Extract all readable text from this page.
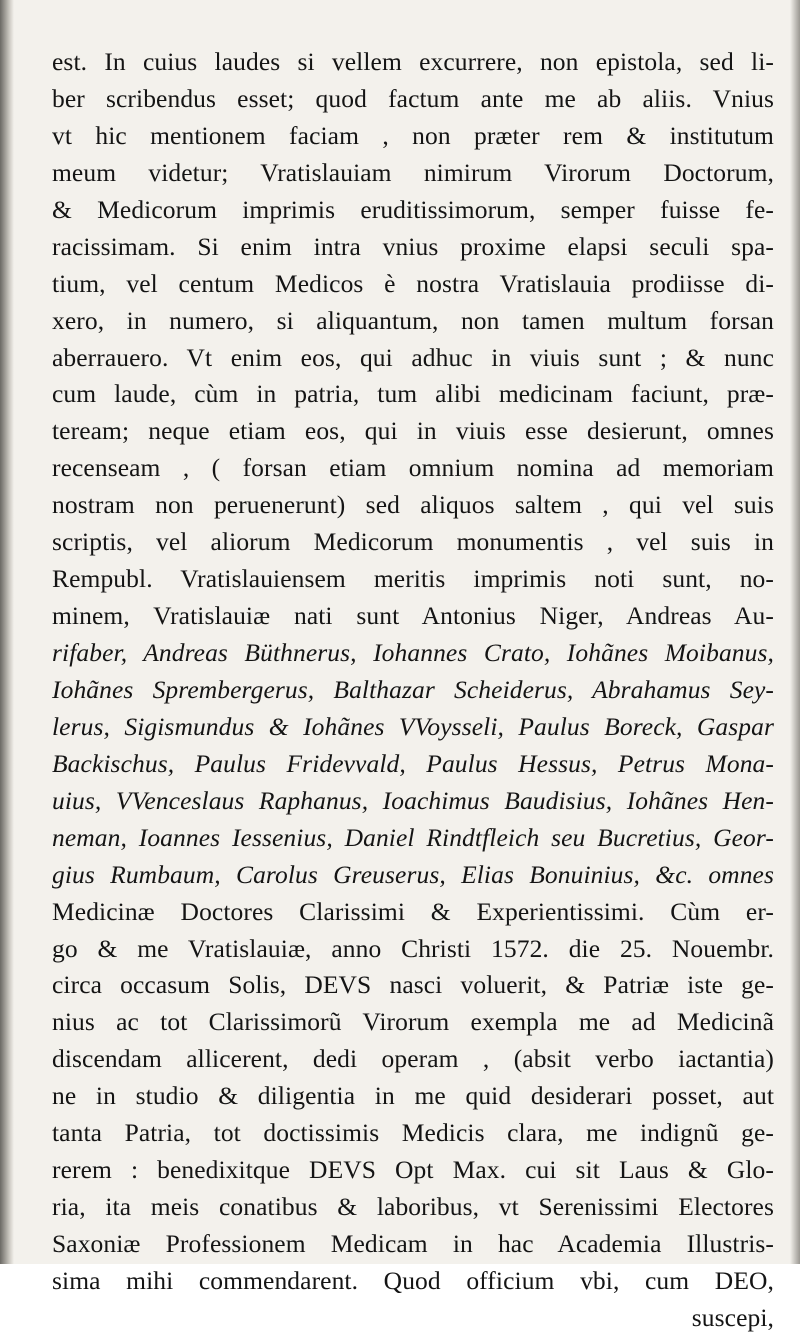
est. In cuius laudes si vellem excurrere, non epistola, sed li-
ber scribendus esset; quod factum ante me ab aliis. Vnius
vt hic mentionem faciam , non præter rem & institutum
meum videtur; Vratislauiam nimirum Virorum Doctorum,
& Medicorum imprimis eruditissimorum, semper fuisse fe-
racissimam. Si enim intra vnius proxime elapsi seculi spa-
tium, vel centum Medicos è nostra Vratislauia prodiisse di-
xero, in numero, si aliquantum, non tamen multum forsan
aberrauero. Vt enim eos, qui adhuc in viuis sunt ; & nunc
cum laude, cùm in patria, tum alibi medicinam faciunt, præ-
teream; neque etiam eos, qui in viuis esse desierunt, omnes
recenseam , ( forsan etiam omnium nomina ad memoriam
nostram non peruenerunt) sed aliquos saltem , qui vel suis
scriptis, vel aliorum Medicorum monumentis , vel suis in
Rempubl. Vratislauiensem meritis imprimis noti sunt, no-
minem, Vratislauiæ nati sunt Antonius Niger, Andreas Au-
rifaber, Andreas Büthnerus, Iohannes Crato, Iohãnes Moibanus,
Iohãnes Sprembergerus, Balthazar Scheiderus, Abrahamus Sey-
lerus, Sigismundus & Iohãnes VVoysseli, Paulus Boreck, Gaspar
Backischus, Paulus Fridevvald, Paulus Hessus, Petrus Mona-
uius, VVenceslaus Raphanus, Ioachimus Baudisius, Iohãnes Hen-
neman, Ioannes Iessenius, Daniel Rindtfleich seu Bucretius, Geor-
gius Rumbaum, Carolus Greuserus, Elias Bonuinius, &c. omnes
Medicinæ Doctores Clarissimi & Experientissimi. Cùm er-
go & me Vratislauiæ, anno Christi 1572. die 25. Nouembr.
circa occasum Solis, DEVS nasci voluerit, & Patriæ iste ge-
nius ac tot Clarissimorũ Virorum exempla me ad Medicinã
discendam allicerent, dedi operam , (absit verbo iactantia)
ne in studio & diligentia in me quid desiderari posset, aut
tanta Patria, tot doctissimis Medicis clara, me indignũ ge-
rerem : benedixitque DEVS Opt Max. cui sit Laus & Glo-
ria, ita meis conatibus & laboribus, vt Serenissimi Electores
Saxoniæ Professionem Medicam in hac Academia Illustris-
sima mihi commendarent. Quod officium vbi, cum DEO,
suscepi,
